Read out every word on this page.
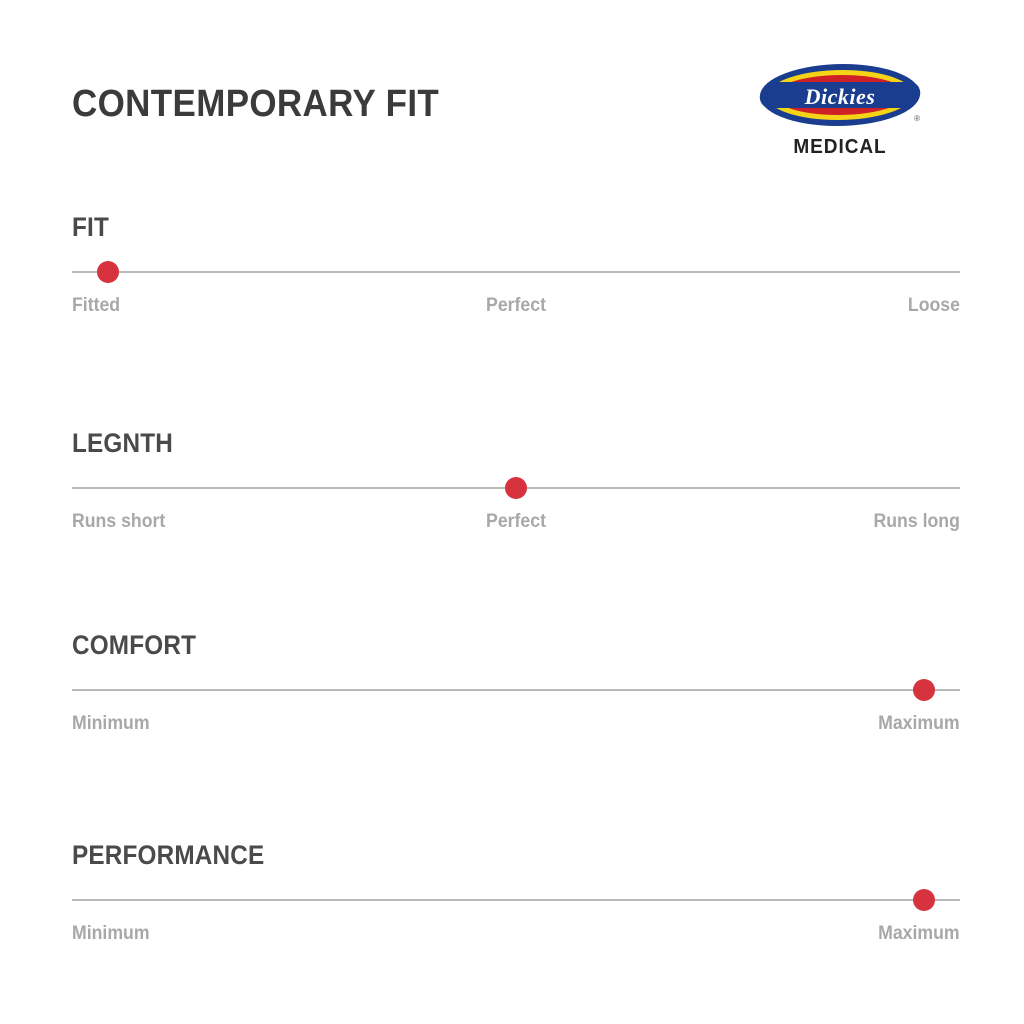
CONTEMPORARY FIT	Dickies
®
MEDICAL
FIT
Fitted	Perfect	Loose
LEGNTH
Runs short	Perfect	Runs long
COMFORT
Minimum	Maximum
PERFORMANCE
Minimum	Maximum
